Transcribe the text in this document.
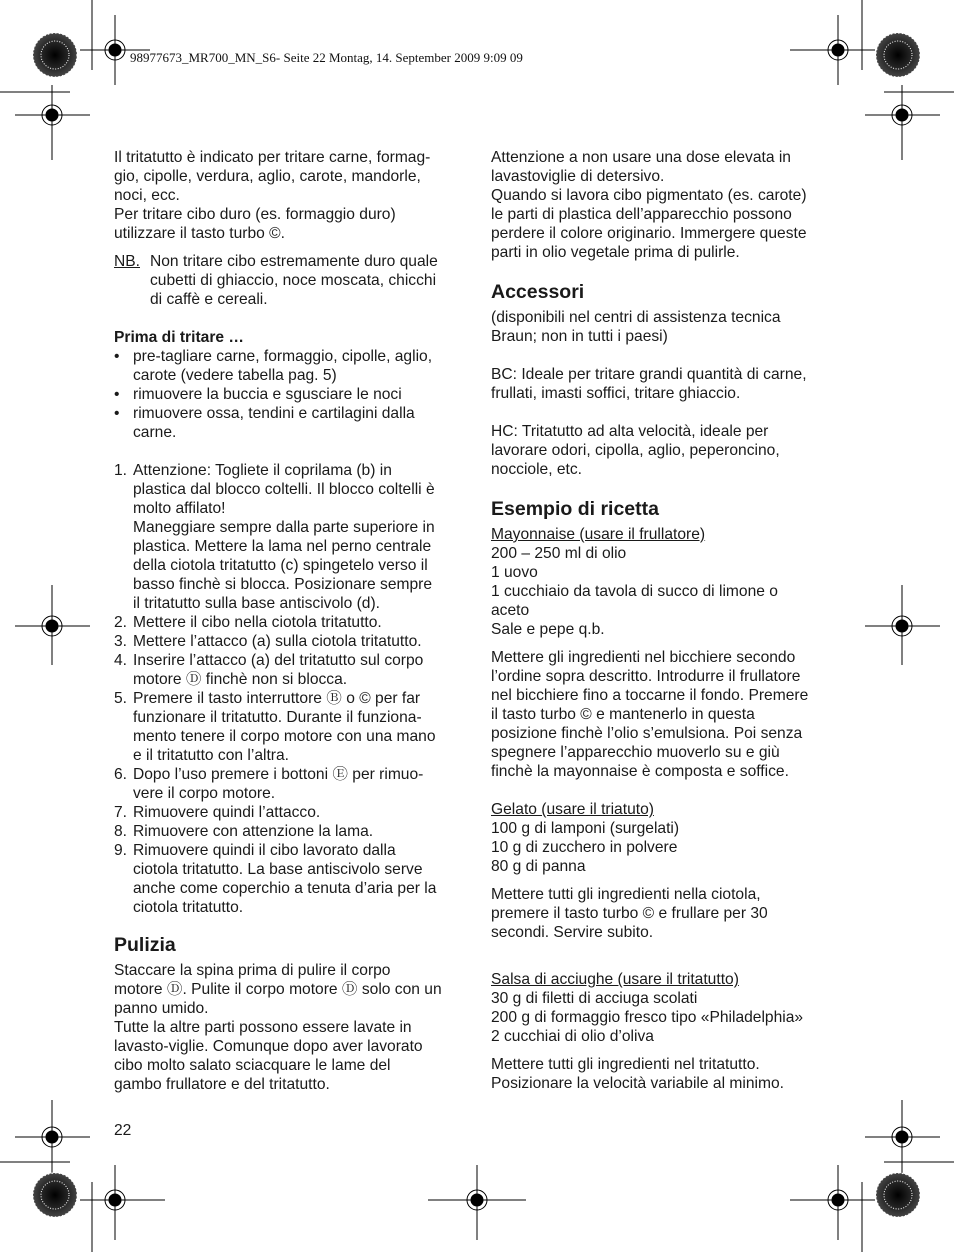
98977673_MR700_MN_S6- Seite 22 Montag, 14. September 2009 9:09 09

Il tritatutto è indicato per tritare carne, formag-

gio, cipolle, verdura, aglio, carote, mandorle,

noci, ecc.

Per tritare cibo duro (es. formaggio duro)

utilizzare il tasto turbo ©.

NB. Non tritare cibo estremamente duro quale

cubetti di ghiaccio, noce moscata, chicchi

di caffè e cereali.

Prima di tritare …

• pre-tagliare carne, formaggio, cipolle, aglio,

carote (vedere tabella pag. 5)

• rimuovere la buccia e sgusciare le noci

• rimuovere ossa, tendini e cartilagini dalla

carne.

1. Attenzione: Togliete il coprilama (b) in

plastica dal blocco coltelli. Il blocco coltelli è

molto affilato!

Maneggiare sempre dalla parte superiore in

plastica. Mettere la lama nel perno centrale

della ciotola tritatutto (c) spingetelo verso il

basso finchè si blocca. Posizionare sempre

il tritatutto sulla base antiscivolo (d).

2. Mettere il cibo nella ciotola tritatutto.

3. Mettere l’attacco (a) sulla ciotola tritatutto.

4. Inserire l’attacco (a) del tritatutto sul corpo

motore Ⓓ finchè non si blocca.

5. Premere il tasto interruttore Ⓑ o © per far

funzionare il tritatutto. Durante il funziona-

mento tenere il corpo motore con una mano

e il tritatutto con l’altra.

6. Dopo l’uso premere i bottoni Ⓔ per rimuo-

vere il corpo motore.

7. Rimuovere quindi l’attacco.

8. Rimuovere con attenzione la lama.

9. Rimuovere quindi il cibo lavorato dalla

ciotola tritatutto. La base antiscivolo serve

anche come coperchio a tenuta d’aria per la

ciotola tritatutto.

Pulizia

Staccare la spina prima di pulire il corpo

motore Ⓓ. Pulite il corpo motore Ⓓ solo con un

panno umido.

Tutte la altre parti possono essere lavate in

lavasto-viglie. Comunque dopo aver lavorato

cibo molto salato sciacquare le lame del

gambo frullatore e del tritatutto.

Attenzione a non usare una dose elevata in

lavastoviglie di detersivo.

Quando si lavora cibo pigmentato (es. carote)

le parti di plastica dell’apparecchio possono

perdere il colore originario. Immergere queste

parti in olio vegetale prima di pulirle.

Accessori

(disponibili nel centri di assistenza tecnica

Braun; non in tutti i paesi)

BC: Ideale per tritare grandi quantità di carne,

frullati, imasti soffici, tritare ghiaccio.

HC: Tritatutto ad alta velocità, ideale per

lavorare odori, cipolla, aglio, peperoncino,

nocciole, etc.

Esempio di ricetta

Mayonnaise (usare il frullatore)

200 – 250 ml di olio

1 uovo

1 cucchiaio da tavola di succo di limone o

aceto

Sale e pepe q.b.

Mettere gli ingredienti nel bicchiere secondo

l’ordine sopra descritto. Introdurre il frullatore

nel bicchiere fino a toccarne il fondo. Premere

il tasto turbo © e mantenerlo in questa

posizione finchè l’olio s’emulsiona. Poi senza

spegnere l’apparecchio muoverlo su e giù

finchè la mayonnaise è composta e soffice.

Gelato (usare il triatuto)

100 g di lamponi (surgelati)

10 g di zucchero in polvere

80 g di panna

Mettere tutti gli ingredienti nella ciotola,

premere il tasto turbo © e frullare per 30

secondi. Servire subito.

Salsa di acciughe (usare il tritatutto)

30 g di filetti di acciuga scolati

200 g di formaggio fresco tipo «Philadelphia»

2 cucchiai di olio d’oliva

Mettere tutti gli ingredienti nel tritatutto.

Posizionare la velocità variabile al minimo.

22
